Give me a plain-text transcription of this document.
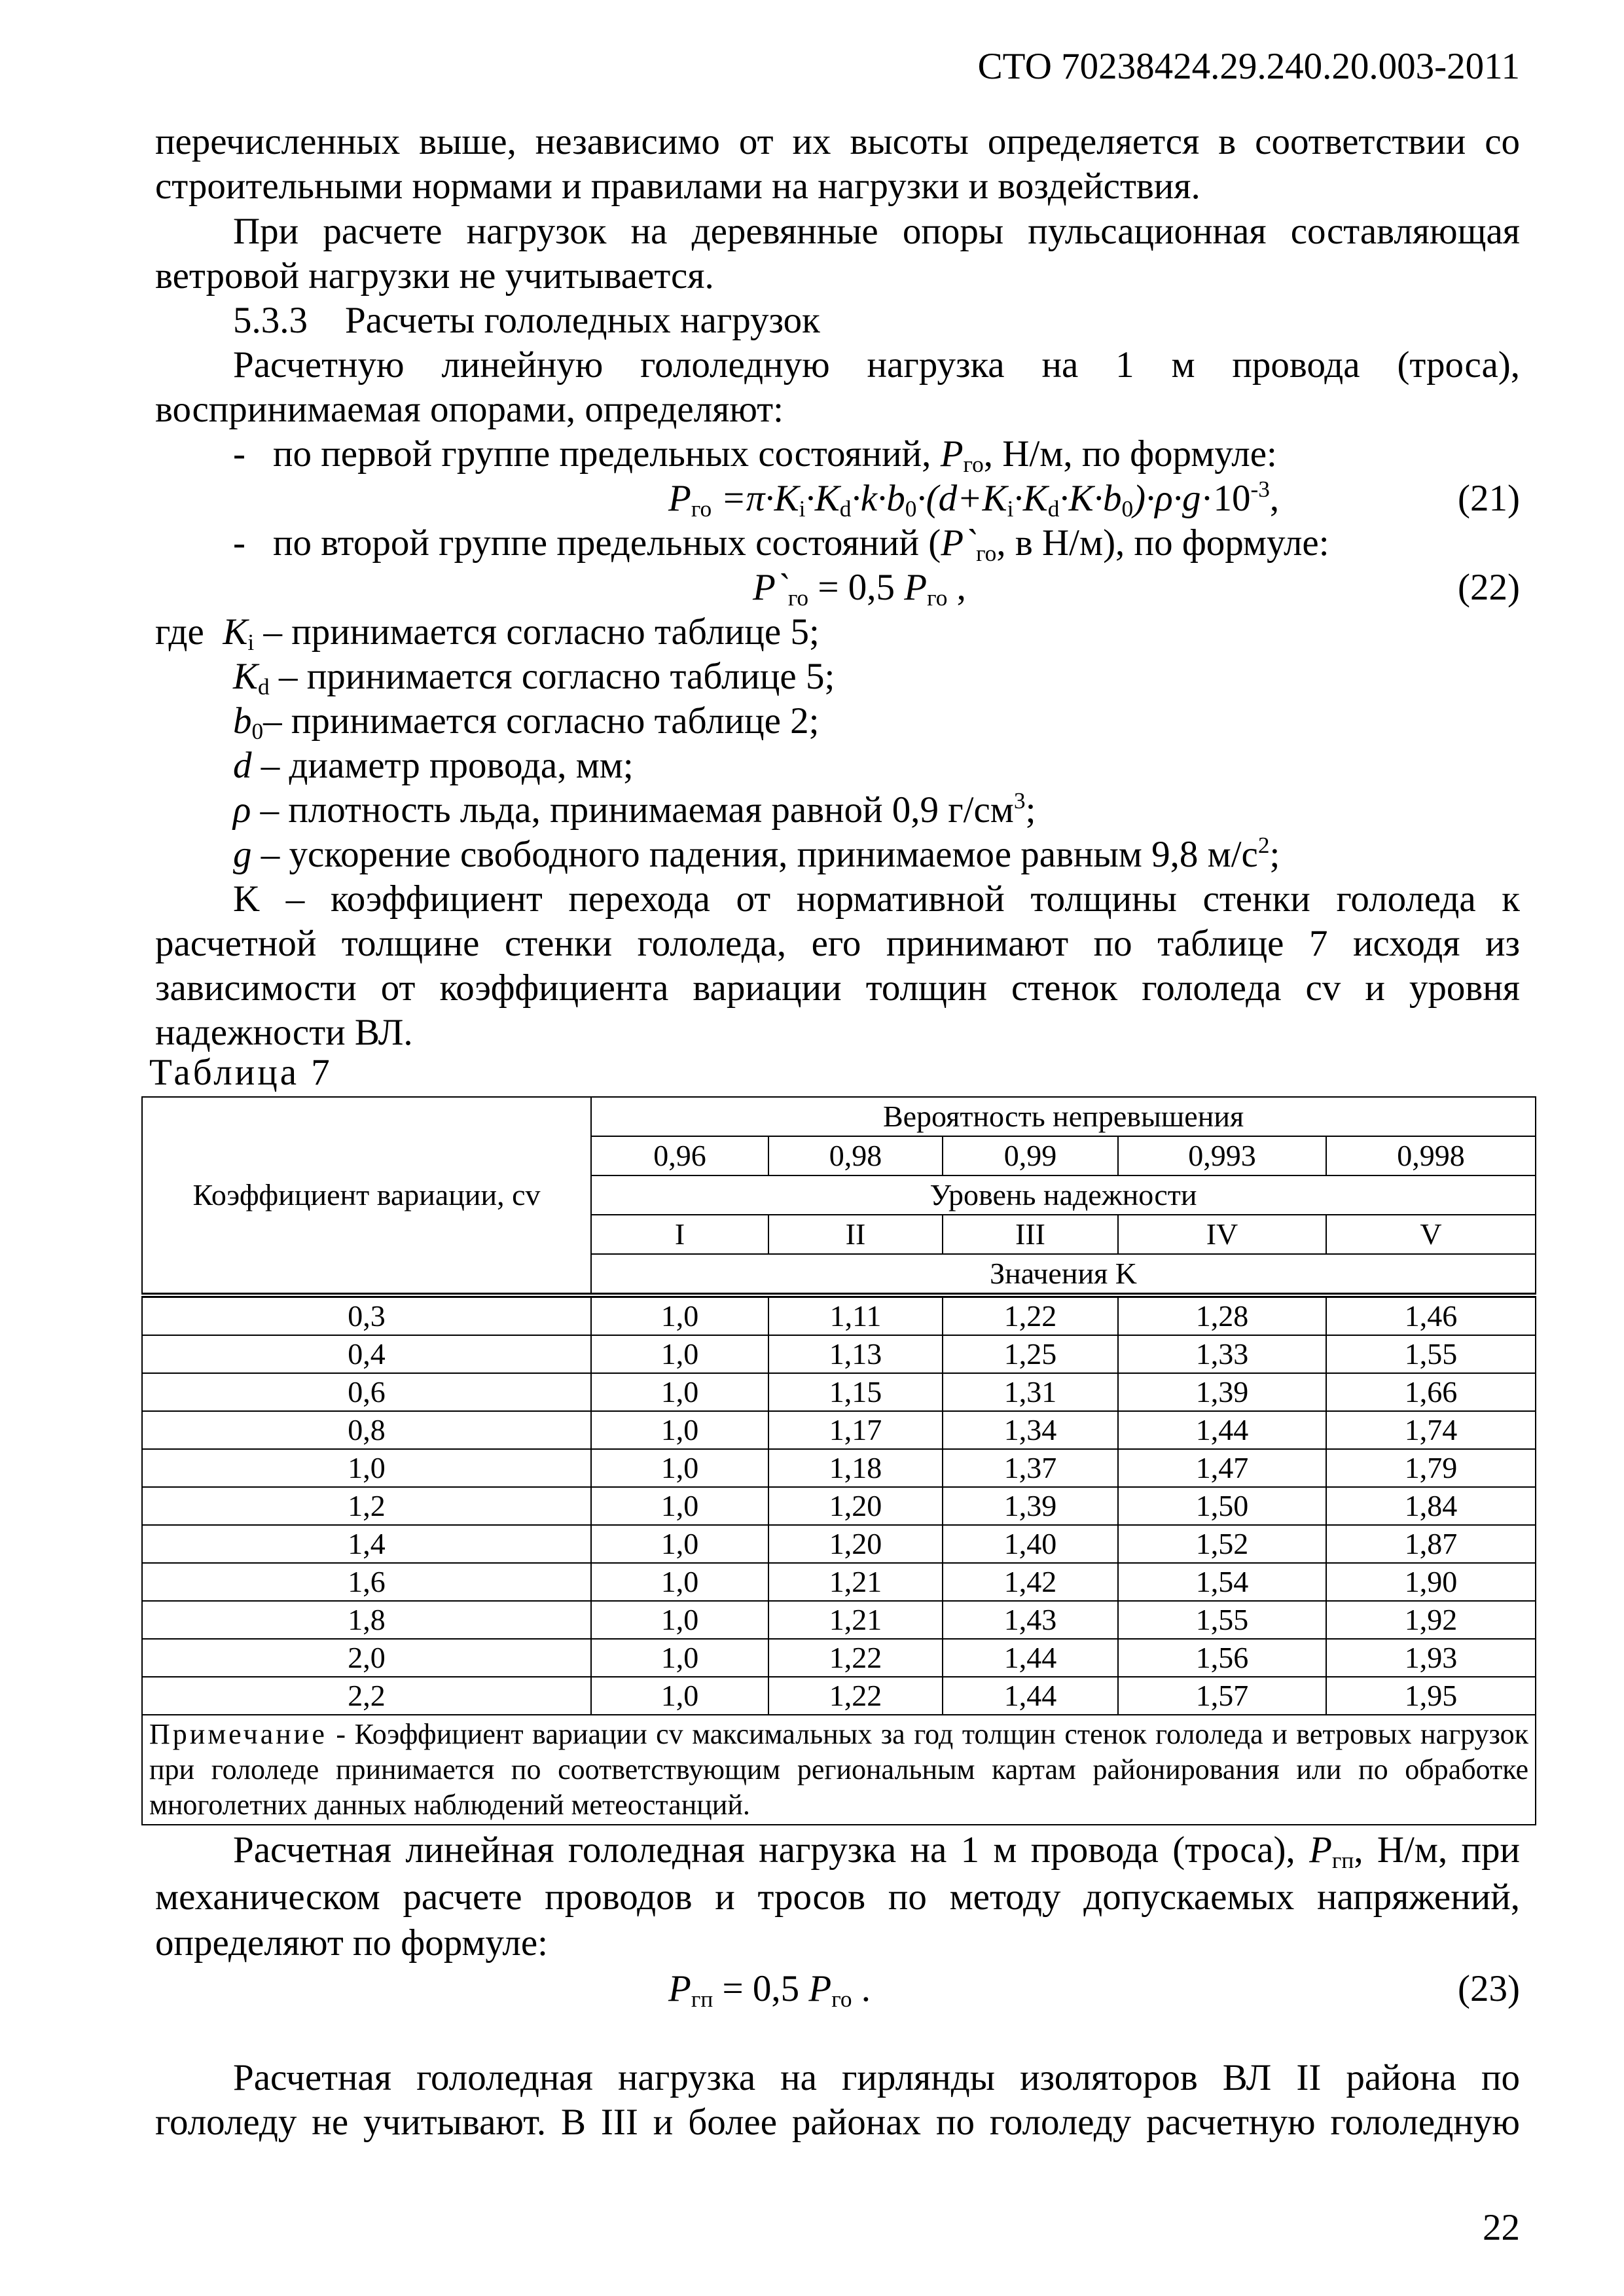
СТО 70238424.29.240.20.003-2011
перечисленных выше, независимо от их высоты определяется в соответствии со
строительными нормами и правилами на нагрузки и воздействия.
При расчете нагрузок на деревянные опоры пульсационная составляющая
ветровой нагрузки не учитывается.
5.3.3    Расчеты гололедных нагрузок
Расчетную линейную гололедную нагрузка на 1 м провода (троса),
воспринимаемая опорами, определяют:
- по первой группе предельных состояний, $P_{го}$, Н/м, по формуле:
$P_{го} =\pi\cdot K_i\cdot K_d\cdot k\cdot b_0\cdot(d+K_i\cdot K_d\cdot K\cdot b_0)\cdot\rho\cdot g\cdot 10^{-3}$,	(21)
- по второй группе предельных состояний ($P`_{го}$, в Н/м), по формуле:
$P`_{го} = 0,5$ $P_{го}$ ,	(22)
где  $K_i$ – принимается согласно таблице 5;
$K_d$ – принимается согласно таблице 5;
$b_0-$ принимается согласно таблице 2;
d – диаметр провода, мм;
ρ – плотность льда, принимаемая равной 0,9 $г/см^3$;
g – ускорение свободного падения, принимаемое равным 9,8 $м/с^2$;
K – коэффициент перехода от нормативной толщины стенки гололеда к
расчетной толщине стенки гололеда, его принимают по таблице 7 исходя из
зависимости от коэффициента вариации толщин стенок гололеда cv и уровня
надежности ВЛ.
Таблица 7
Коэффициент вариации, cv	Вероятность непревышения				
	0,96	0,98	0,99	0,993	0,998
	Уровень надежности				
	I	II	III	IV	V
	Значения K				
0,3	1,0	1,11	1,22	1,28	1,46
0,4	1,0	1,13	1,25	1,33	1,55
0,6	1,0	1,15	1,31	1,39	1,66
0,8	1,0	1,17	1,34	1,44	1,74
1,0	1,0	1,18	1,37	1,47	1,79
1,2	1,0	1,20	1,39	1,50	1,84
1,4	1,0	1,20	1,40	1,52	1,87
1,6	1,0	1,21	1,42	1,54	1,90
1,8	1,0	1,21	1,43	1,55	1,92
2,0	1,0	1,22	1,44	1,56	1,93
2,2	1,0	1,22	1,44	1,57	1,95
Примечание - Коэффициент вариации cv максимальных за год толщин стенок гололеда и ветровых нагрузок при гололеде принимается по соответствующим региональным картам районирования или по обработке многолетних данных наблюдений метеостанций.					
Расчетная линейная гололедная нагрузка на 1 м провода (троса), $P_{гп}$, Н/м, при
механическом расчете проводов и тросов по методу допускаемых напряжений,
определяют по формуле:
$P_{гп} = 0,5$ $P_{го}$ .	(23)
Расчетная гололедная нагрузка на гирлянды изоляторов ВЛ II района по
гололеду не учитывают. В III и более районах по гололеду расчетную гололедную
22
